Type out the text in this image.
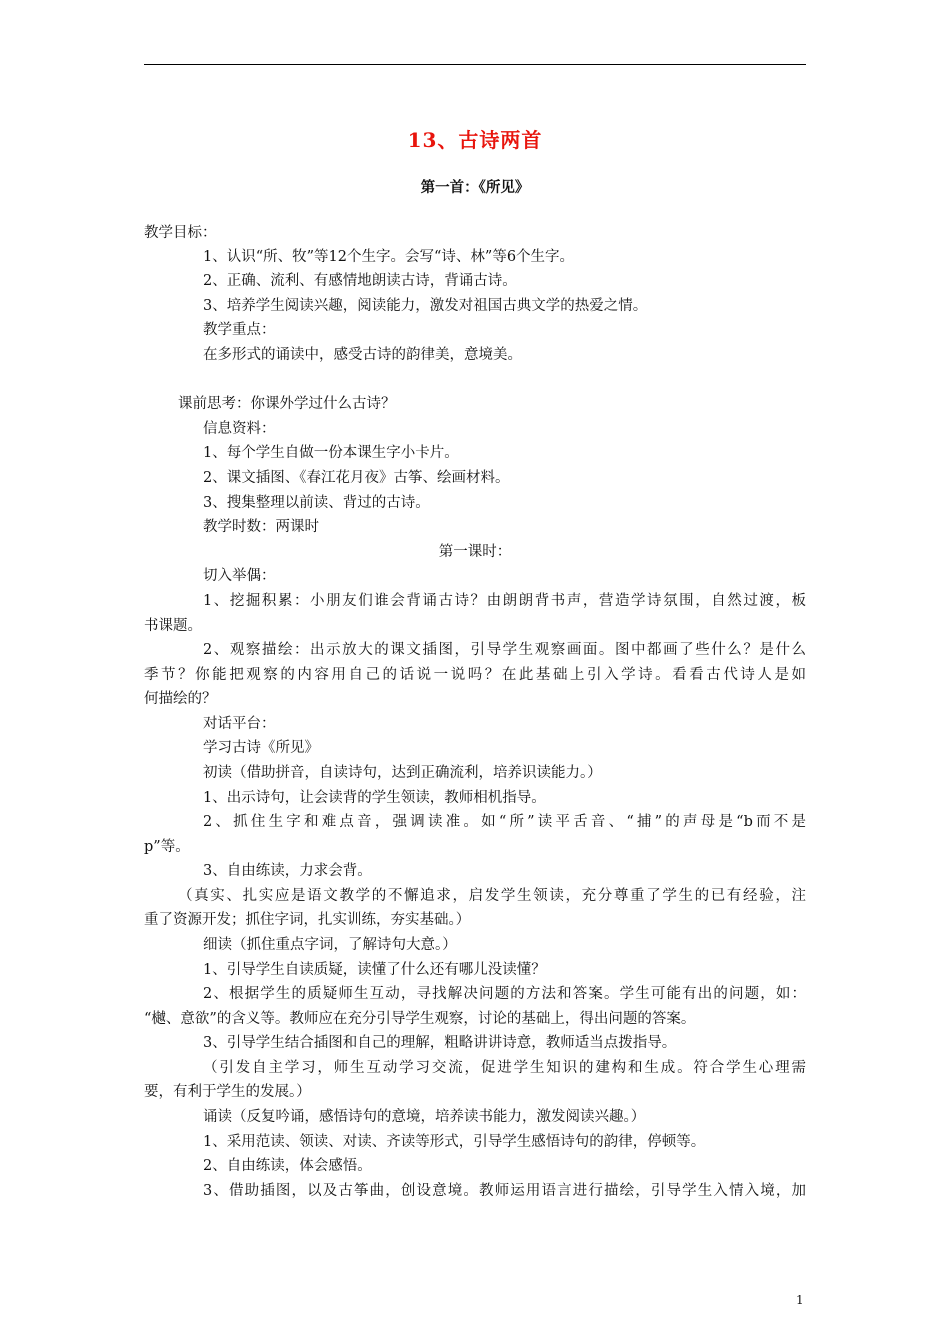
13、古诗两首
第一首：《所见》
教学目标：
1、认识“所、牧”等12个生字。会写“诗、林”等6个生字。
2、正确、流利、有感情地朗读古诗，背诵古诗。
3、培养学生阅读兴趣，阅读能力，激发对祖国古典文学的热爱之情。
教学重点：
在多形式的诵读中，感受古诗的韵律美，意境美。
课前思考：你课外学过什么古诗？
信息资料：
1、每个学生自做一份本课生字小卡片。
2、课文插图、《春江花月夜》古筝、绘画材料。
3、搜集整理以前读、背过的古诗。
教学时数：两课时
第一课时：
切入举偶：
1、挖掘积累：小朋友们谁会背诵古诗？由朗朗背书声，营造学诗氛围，自然过渡，板
书课题。
2、观察描绘：出示放大的课文插图，引导学生观察画面。图中都画了些什么？是什么
季节？你能把观察的内容用自己的话说一说吗？在此基础上引入学诗。看看古代诗人是如
何描绘的？
对话平台：
学习古诗《所见》
初读（借助拼音，自读诗句，达到正确流利，培养识读能力。）
1、出示诗句，让会读背的学生领读，教师相机指导。
2、抓住生字和难点音，强调读准。如“所”读平舌音、“捕”的声母是“b而不是
p”等。
3、自由练读，力求会背。
（真实、扎实应是语文教学的不懈追求，启发学生领读，充分尊重了学生的已有经验，注
重了资源开发；抓住字词，扎实训练，夯实基础。）
细读（抓住重点字词，了解诗句大意。）
1、引导学生自读质疑，读懂了什么还有哪儿没读懂？
2、根据学生的质疑师生互动，寻找解决问题的方法和答案。学生可能有出的问题，如：
“樾、意欲”的含义等。教师应在充分引导学生观察，讨论的基础上，得出问题的答案。
3、引导学生结合插图和自己的理解，粗略讲讲诗意，教师适当点拨指导。
（引发自主学习，师生互动学习交流，促进学生知识的建构和生成。符合学生心理需
要，有利于学生的发展。）
诵读（反复吟诵，感悟诗句的意境，培养读书能力，激发阅读兴趣。）
1、采用范读、领读、对读、齐读等形式，引导学生感悟诗句的韵律，停顿等。
2、自由练读，体会感悟。
3、借助插图，以及古筝曲，创设意境。教师运用语言进行描绘，引导学生入情入境，加
1
